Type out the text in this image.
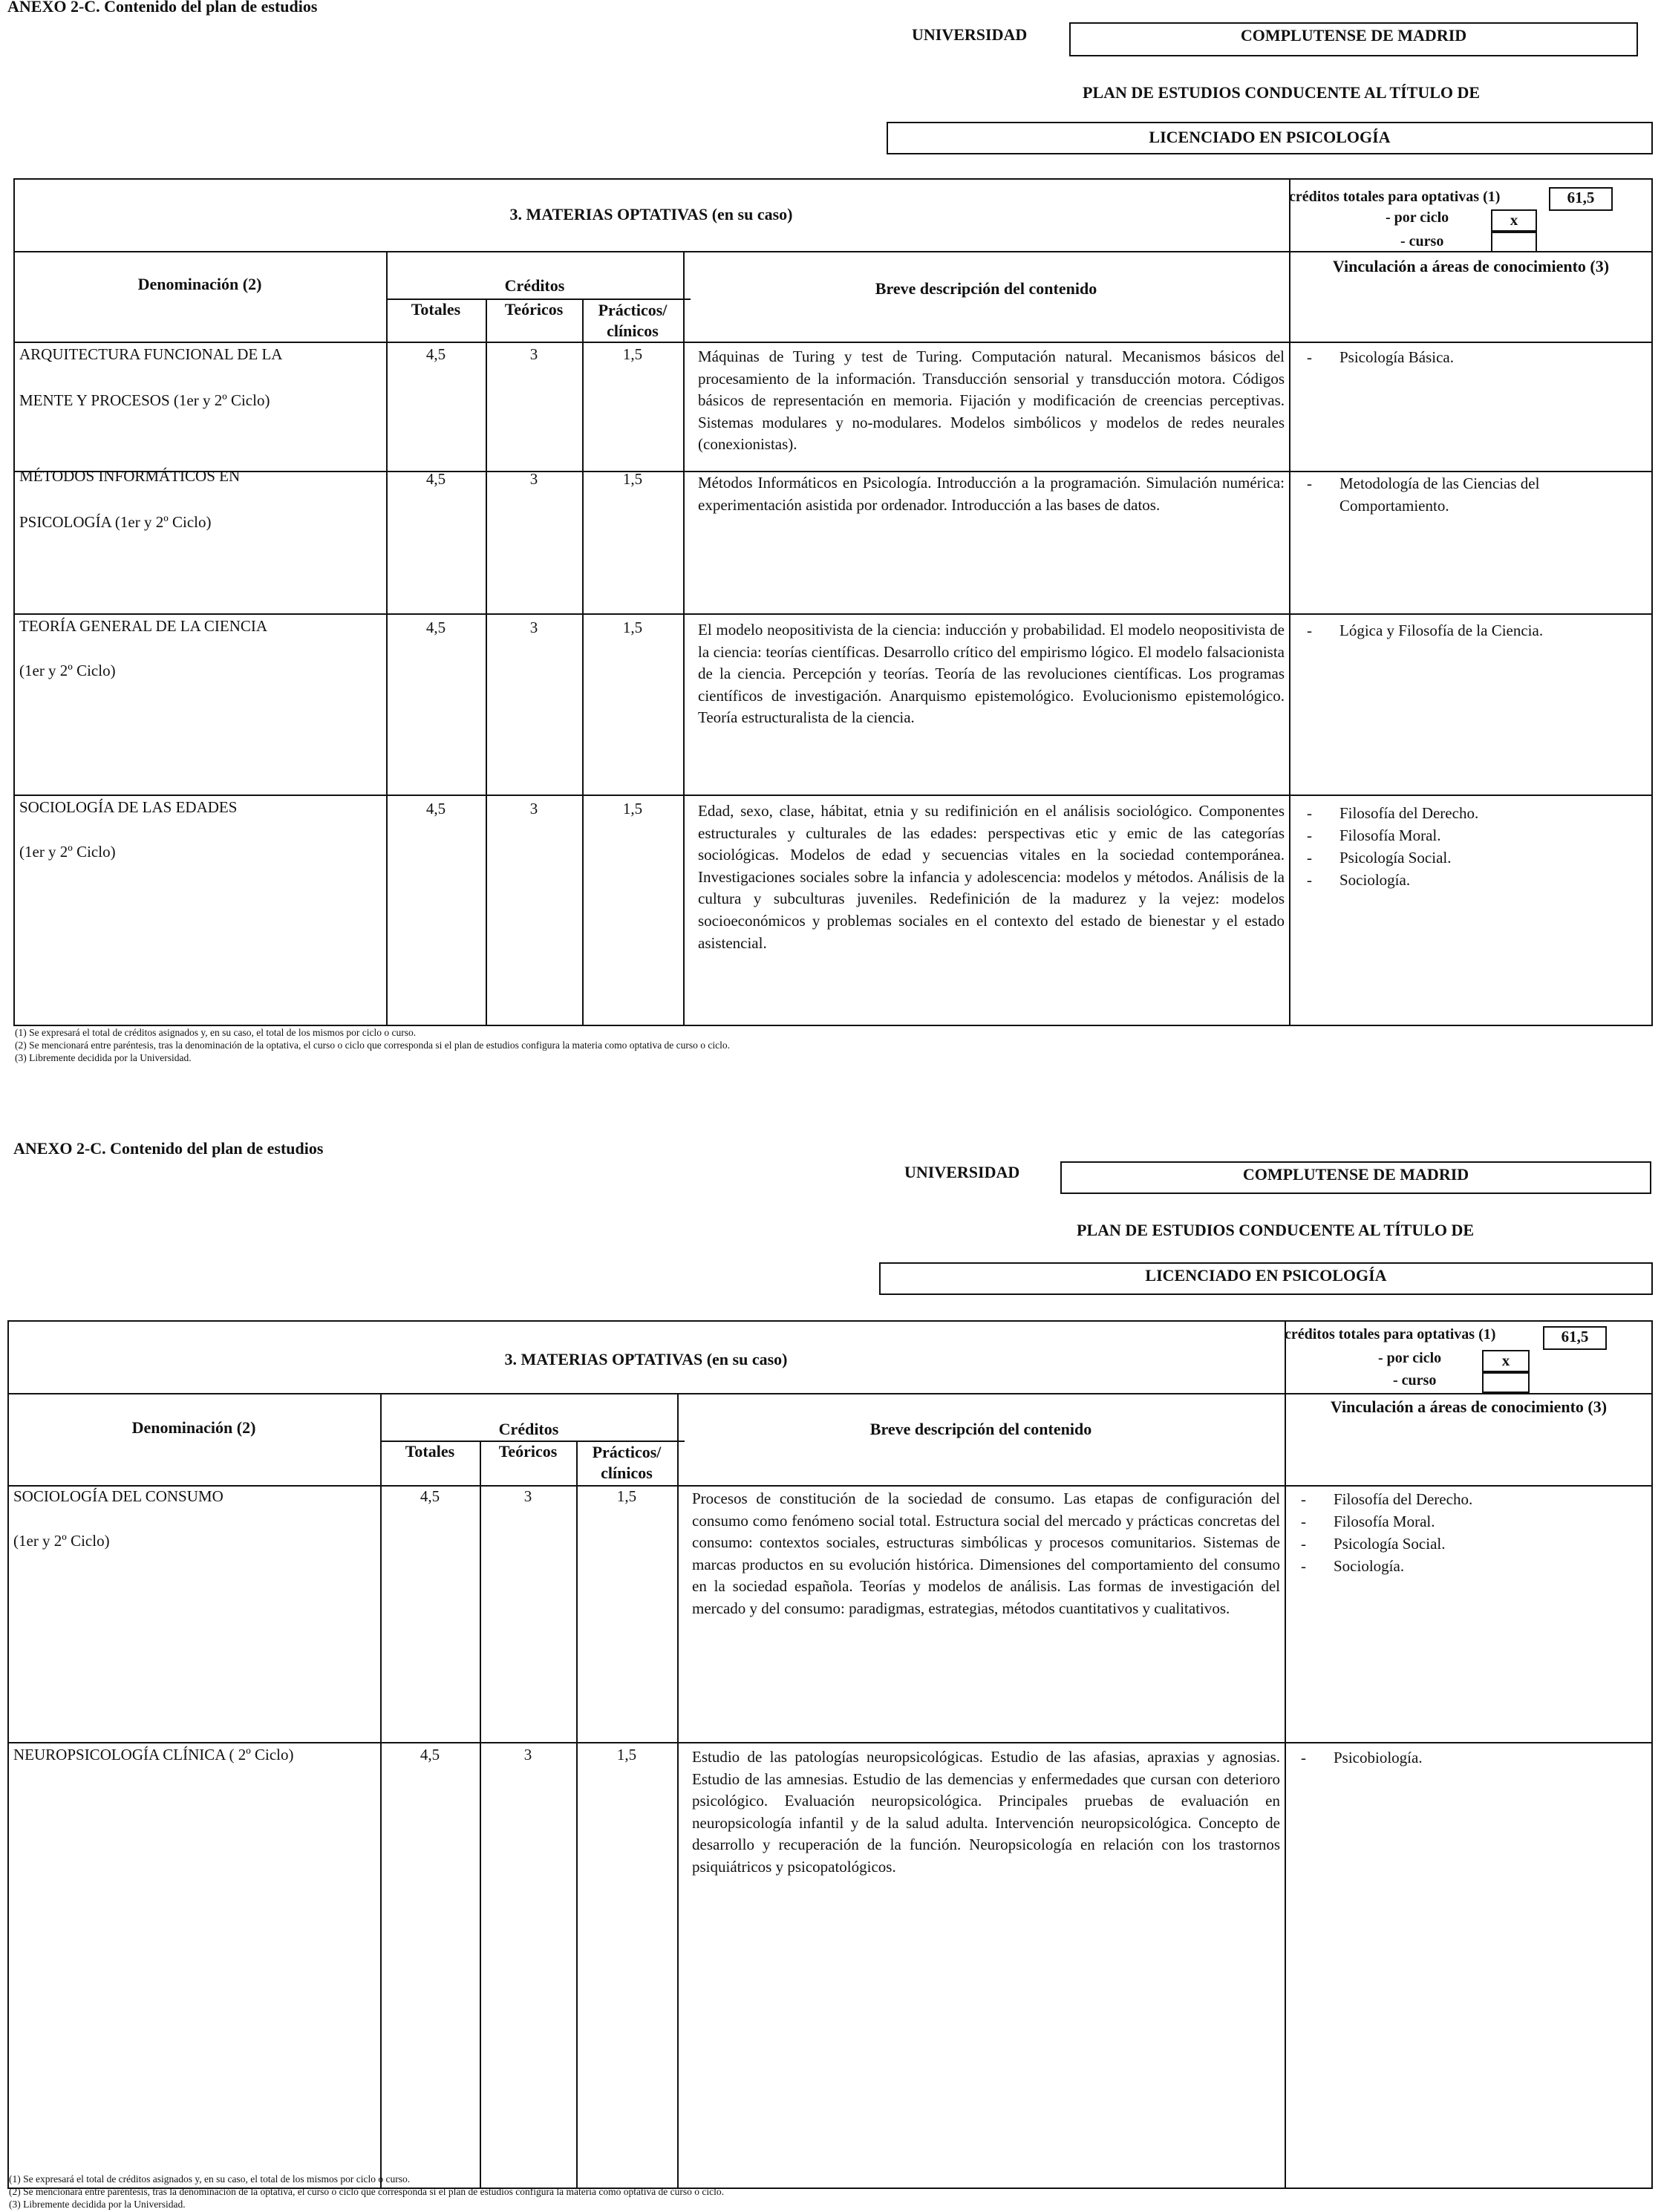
ANEXO 2-C. Contenido del plan de estudios
UNIVERSIDAD	COMPLUTENSE DE MADRID
PLAN DE ESTUDIOS CONDUCENTE AL TÍTULO DE
LICENCIADO EN PSICOLOGÍA
3. MATERIAS OPTATIVAS (en su caso)
créditos totales para optativas (1)	61,5
- por ciclo	x
- curso
Denominación (2)	Créditos
Totales	Teóricos	Prácticos/
clínicos
Breve descripción del contenido
Vinculación a áreas de conocimiento (3)
ARQUITECTURA FUNCIONAL DE LA
MENTE Y PROCESOS (1er y 2º Ciclo)
4,5	3	1,5	Máquinas de Turing y test de Turing. Computación natural. Mecanismos básicos del procesamiento de la información. Transducción sensorial y transducción motora. Códigos básicos de representación en memoria. Fijación y modificación de creencias perceptivas. Sistemas modulares y no-modulares. Modelos simbólicos y modelos de redes neurales (conexionistas).
-	Psicología Básica.
MÉTODOS INFORMÁTICOS EN
PSICOLOGÍA (1er y 2º Ciclo)
4,5	3	1,5	Métodos Informáticos en Psicología. Introducción a la programación. Simulación numérica: experimentación asistida por ordenador. Introducción a las bases de datos.
-	Metodología de las Ciencias del Comportamiento.
TEORÍA GENERAL DE LA CIENCIA
(1er y 2º Ciclo)
4,5	3	1,5	El modelo neopositivista de la ciencia: inducción y probabilidad. El modelo neopositivista de la ciencia: teorías científicas. Desarrollo crítico del empirismo lógico. El modelo falsacionista de la ciencia. Percepción y teorías. Teoría de las revoluciones científicas. Los programas científicos de investigación. Anarquismo epistemológico. Evolucionismo epistemológico. Teoría estructuralista de la ciencia.
-	Lógica y Filosofía de la Ciencia.
SOCIOLOGÍA DE LAS EDADES
(1er y 2º Ciclo)
4,5	3	1,5	Edad, sexo, clase, hábitat, etnia y su redifinición en el análisis sociológico. Componentes estructurales y culturales de las edades: perspectivas etic y emic de las categorías sociológicas. Modelos de edad y secuencias vitales en la sociedad contemporánea. Investigaciones sociales sobre la infancia y adolescencia: modelos y métodos. Análisis de la cultura y subculturas juveniles. Redefinición de la madurez y la vejez: modelos socioeconómicos y problemas sociales en el contexto del estado de bienestar y el estado asistencial.
-	Filosofía del Derecho.
-	Filosofía Moral.
-	Psicología Social.
-	Sociología.
(1) Se expresará el total de créditos asignados y, en su caso, el total de los mismos por ciclo o curso.
(2) Se mencionará entre paréntesis, tras la denominación de la optativa, el curso o ciclo que corresponda si el plan de estudios configura la materia como optativa de curso o ciclo.
(3) Libremente decidida por la Universidad.
ANEXO 2-C. Contenido del plan de estudios
UNIVERSIDAD	COMPLUTENSE DE MADRID
PLAN DE ESTUDIOS CONDUCENTE AL TÍTULO DE
LICENCIADO EN PSICOLOGÍA
3. MATERIAS OPTATIVAS (en su caso)
créditos totales para optativas (1)	61,5
- por ciclo	x
- curso
Denominación (2)	Créditos
Totales	Teóricos	Prácticos/
clínicos
Breve descripción del contenido
Vinculación a áreas de conocimiento (3)
SOCIOLOGÍA DEL CONSUMO
(1er y 2º Ciclo)
4,5	3	1,5	Procesos de constitución de la sociedad de consumo. Las etapas de configuración del consumo como fenómeno social total. Estructura social del mercado y prácticas concretas del consumo: contextos sociales, estructuras simbólicas y procesos comunitarios. Sistemas de marcas productos en su evolución histórica. Dimensiones del comportamiento del consumo en la sociedad española. Teorías y modelos de análisis. Las formas de investigación del mercado y del consumo: paradigmas, estrategias, métodos cuantitativos y cualitativos.
-	Filosofía del Derecho.
-	Filosofía Moral.
-	Psicología Social.
-	Sociología.
NEUROPSICOLOGÍA CLÍNICA ( 2º Ciclo)	4,5	3	1,5	Estudio de las patologías neuropsicológicas. Estudio de las afasias, apraxias y agnosias. Estudio de las amnesias. Estudio de las demencias y enfermedades que cursan con deterioro psicológico. Evaluación neuropsicológica. Principales pruebas de evaluación en neuropsicología infantil y de la salud adulta. Intervención neuropsicológica. Concepto de desarrollo y recuperación de la función. Neuropsicología en relación con los trastornos psiquiátricos y psicopatológicos.
-	Psicobiología.
(1) Se expresará el total de créditos asignados y, en su caso, el total de los mismos por ciclo o curso.
(2) Se mencionará entre paréntesis, tras la denominación de la optativa, el curso o ciclo que corresponda si el plan de estudios configura la materia como optativa de curso o ciclo.
(3) Libremente decidida por la Universidad.
